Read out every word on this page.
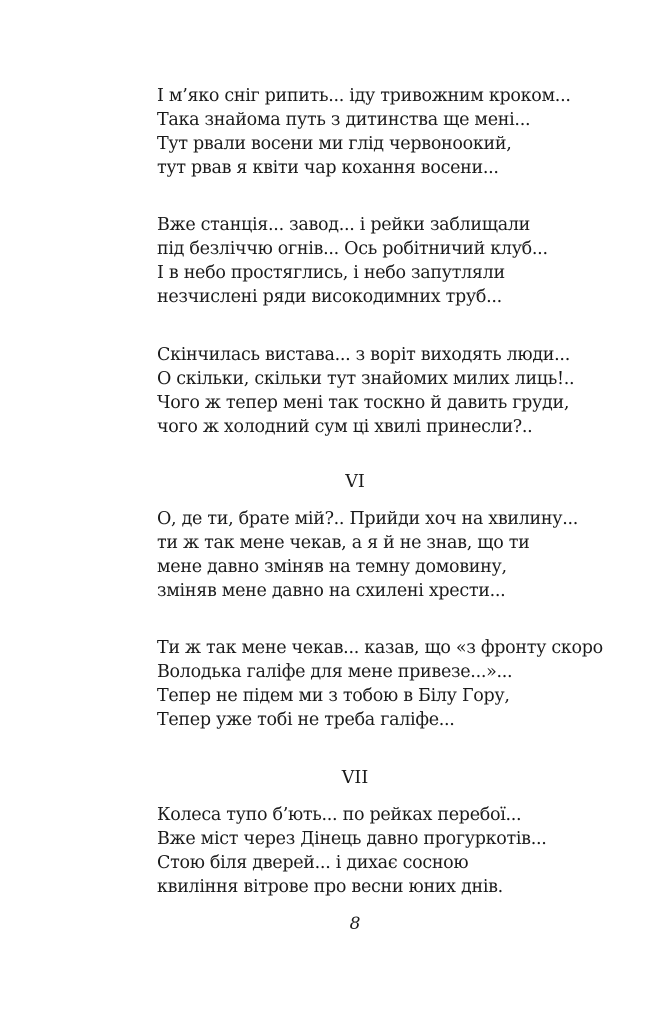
І м’яко сніг рипить... іду тривожним кроком...
Така знайома путь з дитинства ще мені...
Тут рвали восени ми глід червоноокий,
тут рвав я квіти чар кохання восени...
Вже станція... завод... і рейки заблищали
під безліччю огнів... Ось робітничий клуб...
І в небо простяглись, і небо запутляли
незчислені ряди високодимних труб...
Скінчилась вистава... з воріт виходять люди...
О скільки, скільки тут знайомих милих лиць!..
Чого ж тепер мені так тоскно й давить груди,
чого ж холодний сум ці хвилі принесли?..
VI
О, де ти, брате мій?.. Прийди хоч на хвилину...
ти ж так мене чекав, а я й не знав, що ти
мене давно зміняв на темну домовину,
зміняв мене давно на схилені хрести...
Ти ж так мене чекав... казав, що «з фронту скоро
Володька галіфе для мене привезе...»...
Тепер не підем ми з тобою в Білу Гору,
Тепер уже тобі не треба галіфе...
VII
Колеса тупо б’ють... по рейках перебої...
Вже міст через Дінець давно прогуркотів...
Стою біля дверей... і дихає сосною
квиління вітрове про весни юних днів.
8
